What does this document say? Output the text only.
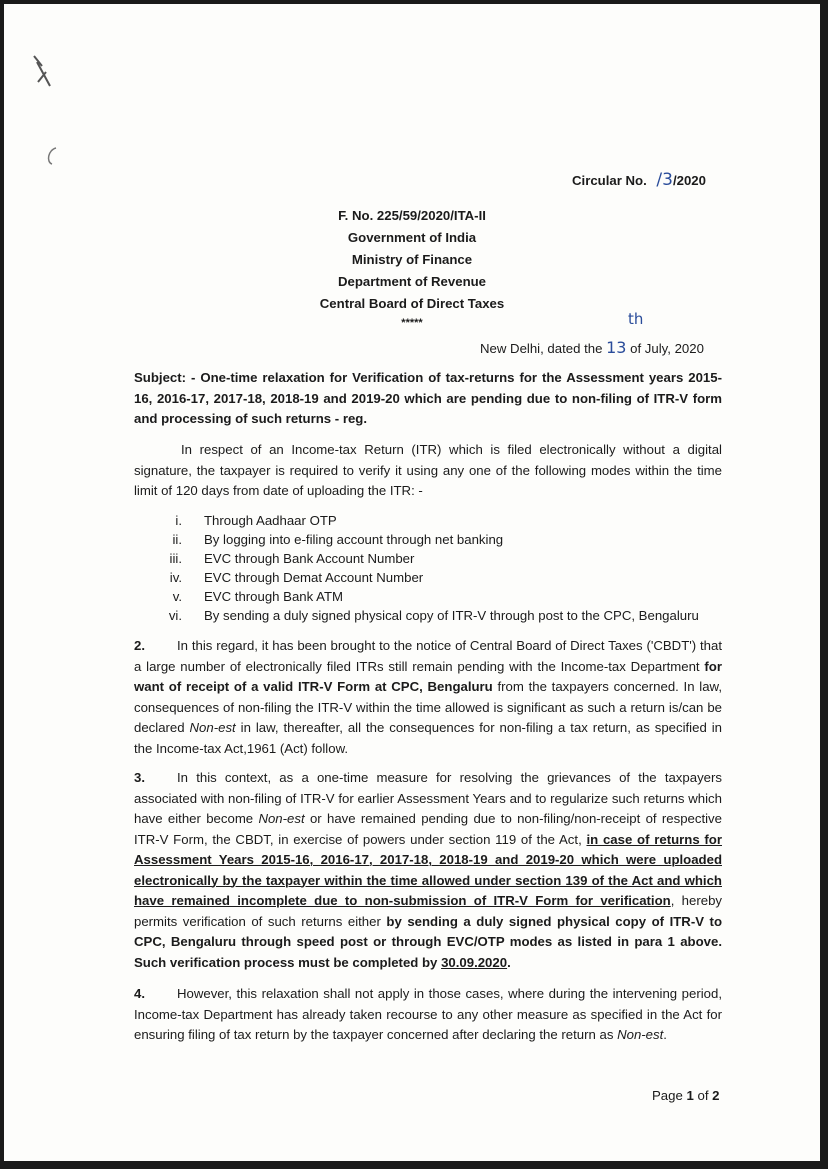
Circular No. /3/2020
F. No. 225/59/2020/ITA-II
Government of India
Ministry of Finance
Department of Revenue
Central Board of Direct Taxes
*****	th
New Delhi, dated the 13 of July, 2020
Subject: - One-time relaxation for Verification of tax-returns for the Assessment years 2015-16, 2016-17, 2017-18, 2018-19 and 2019-20 which are pending due to non-filing of ITR-V form and processing of such returns - reg.
In respect of an Income-tax Return (ITR) which is filed electronically without a digital signature, the taxpayer is required to verify it using any one of the following modes within the time limit of 120 days from date of uploading the ITR: -
i. Through Aadhaar OTP
ii. By logging into e-filing account through net banking
iii. EVC through Bank Account Number
iv. EVC through Demat Account Number
v. EVC through Bank ATM
vi. By sending a duly signed physical copy of ITR-V through post to the CPC, Bengaluru

2. In this regard, it has been brought to the notice of Central Board of Direct Taxes ('CBDT') that a large number of electronically filed ITRs still remain pending with the Income-tax Department for want of receipt of a valid ITR-V Form at CPC, Bengaluru from the taxpayers concerned. In law, consequences of non-filing the ITR-V within the time allowed is significant as such a return is/can be declared Non-est in law, thereafter, all the consequences for non-filing a tax return, as specified in the Income-tax Act,1961 (Act) follow.

3. In this context, as a one-time measure for resolving the grievances of the taxpayers associated with non-filing of ITR-V for earlier Assessment Years and to regularize such returns which have either become Non-est or have remained pending due to non-filing/non-receipt of respective ITR-V Form, the CBDT, in exercise of powers under section 119 of the Act, in case of returns for Assessment Years 2015-16, 2016-17, 2017-18, 2018-19 and 2019-20 which were uploaded electronically by the taxpayer within the time allowed under section 139 of the Act and which have remained incomplete due to non-submission of ITR-V Form for verification, hereby permits verification of such returns either by sending a duly signed physical copy of ITR-V to CPC, Bengaluru through speed post or through EVC/OTP modes as listed in para 1 above. Such verification process must be completed by 30.09.2020.

4. However, this relaxation shall not apply in those cases, where during the intervening period, Income-tax Department has already taken recourse to any other measure as specified in the Act for ensuring filing of tax return by the taxpayer concerned after declaring the return as Non-est.

Page 1 of 2
